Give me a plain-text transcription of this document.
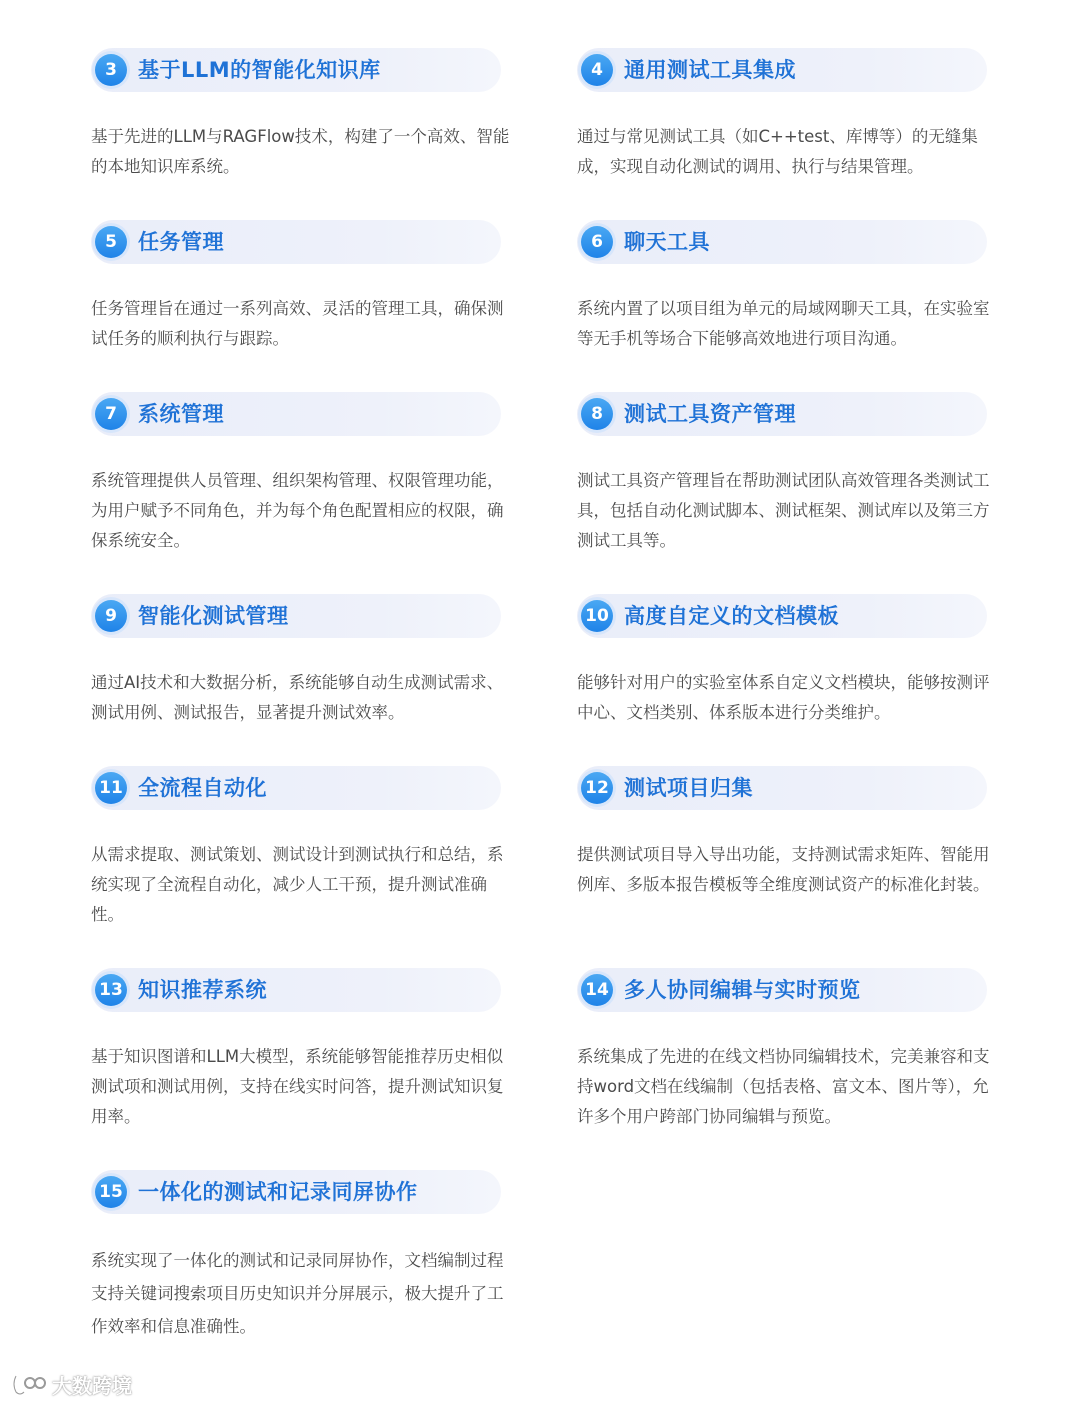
3	基于LLM的智能化知识库

基于先进的LLM与RAGFlow技术，构建了一个高效、智能的本地知识库系统。

4	通用测试工具集成

通过与常见测试工具（如C++test、库博等）的无缝集成，实现自动化测试的调用、执行与结果管理。

5	任务管理

任务管理旨在通过一系列高效、灵活的管理工具，确保测试任务的顺利执行与跟踪。

6	聊天工具

系统内置了以项目组为单元的局域网聊天工具，在实验室等无手机等场合下能够高效地进行项目沟通。

7	系统管理

系统管理提供人员管理、组织架构管理、权限管理功能，为用户赋予不同角色，并为每个角色配置相应的权限，确保系统安全。

8	测试工具资产管理

测试工具资产管理旨在帮助测试团队高效管理各类测试工具，包括自动化测试脚本、测试框架、测试库以及第三方测试工具等。

9	智能化测试管理

通过AI技术和大数据分析，系统能够自动生成测试需求、测试用例、测试报告，显著提升测试效率。

10 高度自定义的文档模板

能够针对用户的实验室体系自定义文档模块，能够按测评中心、文档类别、体系版本进行分类维护。

11 全流程自动化

从需求提取、测试策划、测试设计到测试执行和总结，系统实现了全流程自动化，减少人工干预，提升测试准确性。

12 测试项目归集

提供测试项目导入导出功能，支持测试需求矩阵、智能用例库、多版本报告模板等全维度测试资产的标准化封装。

13 知识推荐系统

基于知识图谱和LLM大模型，系统能够智能推荐历史相似测试项和测试用例，支持在线实时问答，提升测试知识复用率。

14 多人协同编辑与实时预览

系统集成了先进的在线文档协同编辑技术，完美兼容和支持word文档在线编制（包括表格、富文本、图片等），允许多个用户跨部门协同编辑与预览。

15 一体化的测试和记录同屏协作

系统实现了一体化的测试和记录同屏协作，文档编制过程支持关键词搜索项目历史知识并分屏展示，极大提升了工作效率和信息准确性。

大数跨境
